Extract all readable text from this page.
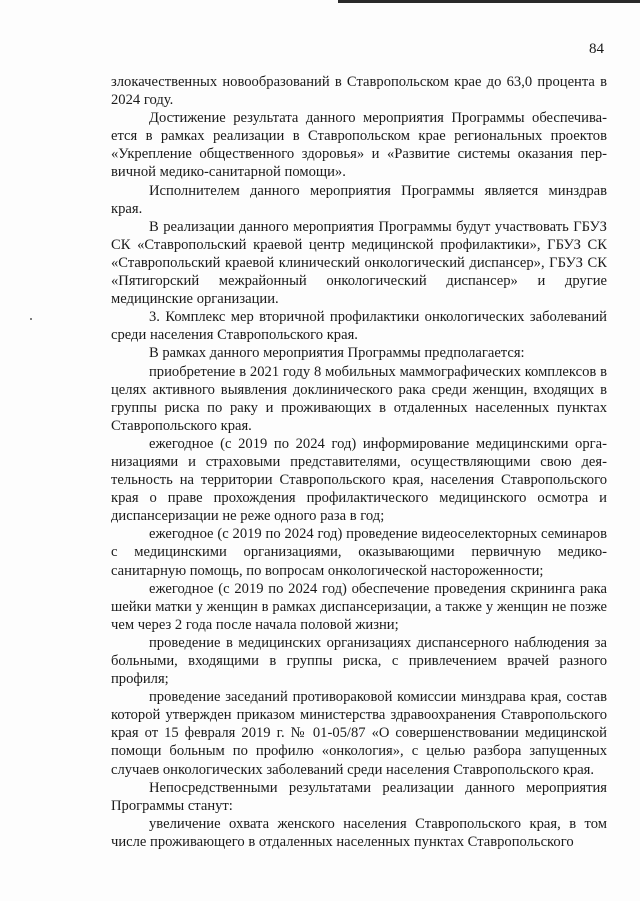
84

злокачественных новообразований в Ставропольском крае до 63,0 процента в 2024 году.

Достижение результата данного мероприятия Программы обеспечивается в рамках реализации в Ставропольском крае региональных проектов «Укрепление общественного здоровья» и «Развитие системы оказания первичной медико-санитарной помощи».

Исполнителем данного мероприятия Программы является минздрав края.

В реализации данного мероприятия Программы будут участвовать ГБУЗ СК «Ставропольский краевой центр медицинской профилактики», ГБУЗ СК «Ставропольский краевой клинический онкологический диспансер», ГБУЗ СК «Пятигорский межрайонный онкологический диспансер» и другие медицинские организации.

3. Комплекс мер вторичной профилактики онкологических заболеваний среди населения Ставропольского края.

В рамках данного мероприятия Программы предполагается:

приобретение в 2021 году 8 мобильных маммографических комплексов в целях активного выявления доклинического рака среди женщин, входящих в группы риска по раку и проживающих в отдаленных населенных пунктах Ставропольского края.

ежегодное (с 2019 по 2024 год) информирование медицинскими организациями и страховыми представителями, осуществляющими свою деятельность на территории Ставропольского края, населения Ставропольского края о праве прохождения профилактического медицинского осмотра и диспансеризации не реже одного раза в год;

ежегодное (с 2019 по 2024 год) проведение видеоселекторных семинаров с медицинскими организациями, оказывающими первичную медико-санитарную помощь, по вопросам онкологической настороженности;

ежегодное (с 2019 по 2024 год) обеспечение проведения скрининга рака шейки матки у женщин в рамках диспансеризации, а также у женщин не позже чем через 2 года после начала половой жизни;

проведение в медицинских организациях диспансерного наблюдения за больными, входящими в группы риска, с привлечением врачей разного профиля;

проведение заседаний противораковой комиссии минздрава края, состав которой утвержден приказом министерства здравоохранения Ставропольского края от 15 февраля 2019 г. № 01-05/87 «О совершенствовании медицинской помощи больным по профилю «онкология», с целью разбора запущенных случаев онкологических заболеваний среди населения Ставропольского края.

Непосредственными результатами реализации данного мероприятия Программы станут:

увеличение охвата женского населения Ставропольского края, в том числе проживающего в отдаленных населенных пунктах Ставропольского
